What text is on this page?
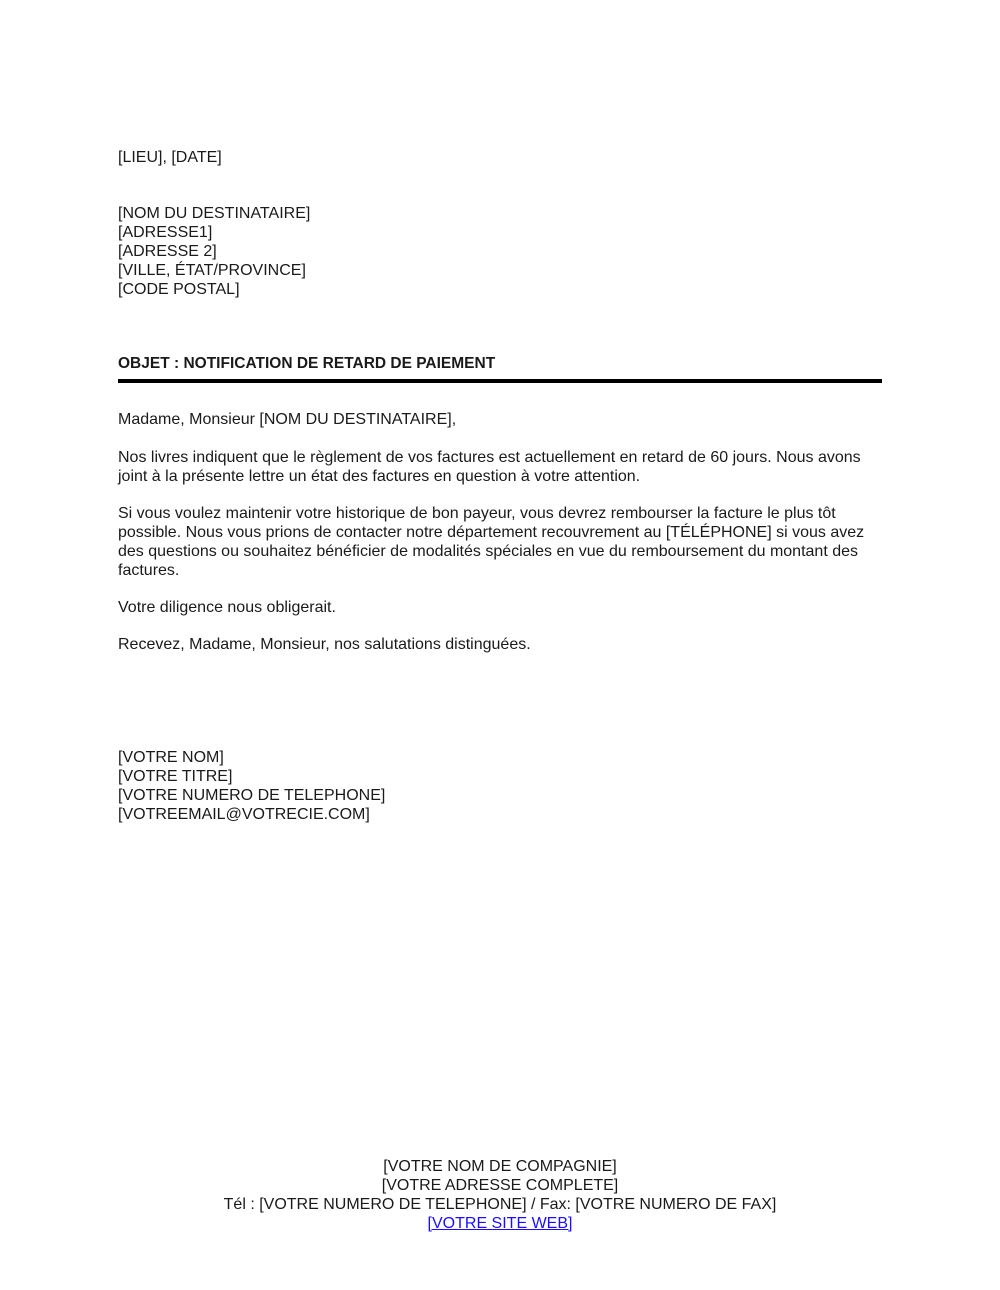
[LIEU], [DATE]
[NOM DU DESTINATAIRE]
[ADRESSE1]
[ADRESSE 2]
[VILLE, ÉTAT/PROVINCE]
[CODE POSTAL]
OBJET : NOTIFICATION DE RETARD DE PAIEMENT
Madame, Monsieur [NOM DU DESTINATAIRE],
Nos livres indiquent que le règlement de vos factures est actuellement en retard de 60 jours. Nous avons joint à la présente lettre un état des factures en question à votre attention.
Si vous voulez maintenir votre historique de bon payeur, vous devrez rembourser la facture le plus tôt possible. Nous vous prions de contacter notre département recouvrement au [TÉLÉPHONE] si vous avez des questions ou souhaitez bénéficier de modalités spéciales en vue du remboursement du montant des factures.
Votre diligence nous obligerait.
Recevez, Madame, Monsieur, nos salutations distinguées.
[VOTRE NOM]
[VOTRE TITRE]
[VOTRE NUMERO DE TELEPHONE]
[VOTREEMAIL@VOTRECIE.COM]
[VOTRE NOM DE COMPAGNIE]
[VOTRE ADRESSE COMPLETE]
Tél : [VOTRE NUMERO DE TELEPHONE] / Fax: [VOTRE NUMERO DE FAX]
[VOTRE SITE WEB]
